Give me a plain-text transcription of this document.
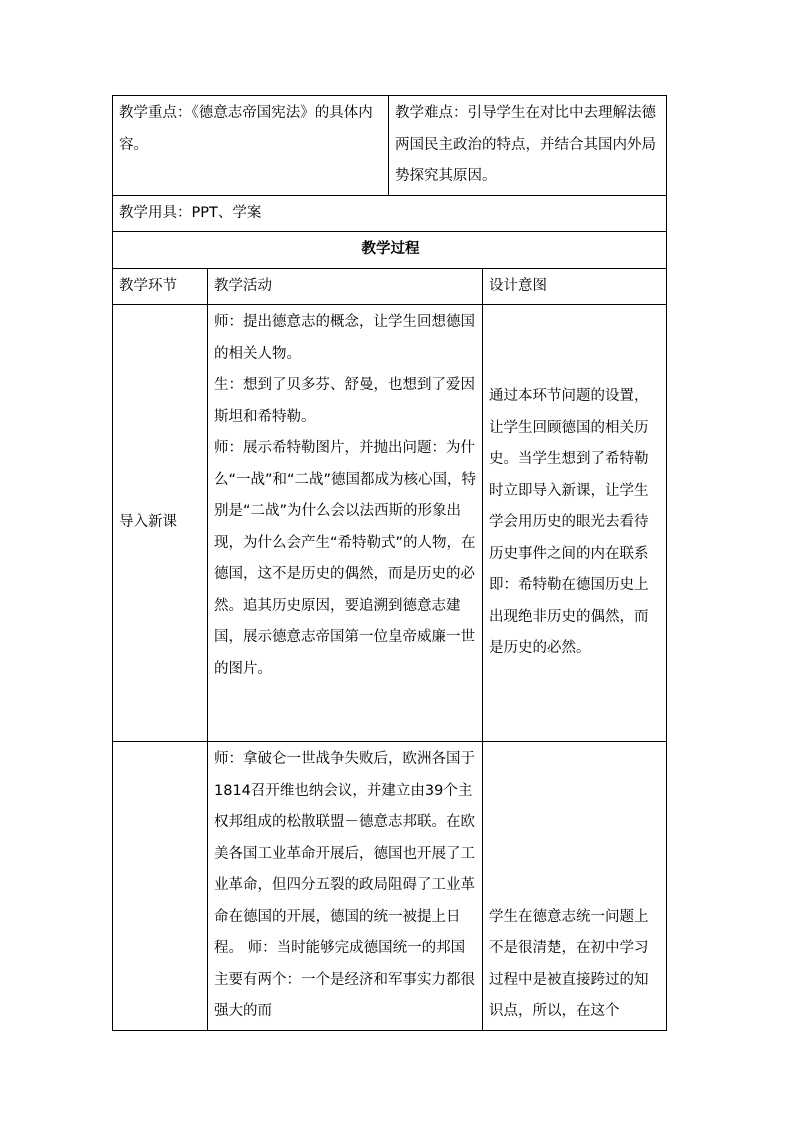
教学重点：《德意志帝国宪法》的具体内容。		教学难点：引导学生在对比中去理解法德两国民主政治的特点，并结合其国内外局势探究其原因。	
教学用具：PPT、学案			
教学过程			
教学环节	教学活动		设计意图
导入新课	师：提出德意志的概念，让学生回想德国的相关人物。
生：想到了贝多芬、舒曼，也想到了爱因斯坦和希特勒。
师：展示希特勒图片，并抛出问题：为什
么“一战”和“二战”德国都成为核心国，特别是“二战”为什么会以法西斯的形象出现，为什么会产生“希特勒式”的人物，在德国，这不是历史的偶然，而是历史的必然。追其历史原因，要追溯到德意志建国，展示德意志帝国第一位皇帝威廉一世的图片。		通过本环节问题的设置，让学生回顾德国的相关历史。当学生想到了希特勒时立即导入新课，让学生学会用历史的眼光去看待历史事件之间的内在联系即：希特勒在德国历史上出现绝非历史的偶然，而是历史的必然。

	师：拿破仑一世战争失败后，欧洲各国于1814召开维也纳会议，并建立由39个主权邦组成的松散联盟－德意志邦联。在欧美各国工业革命开展后，德国也开展了工业革命，但四分五裂的政局阻碍了工业革命在德国的开展，德国的统一被提上日程。 师：当时能够完成德国统一的邦国主要有两个：一个是经济和军事实力都很强大的而		学生在德意志统一问题上不是很清楚，在初中学习过程中是被直接跨过的知识点，所以，在这个
